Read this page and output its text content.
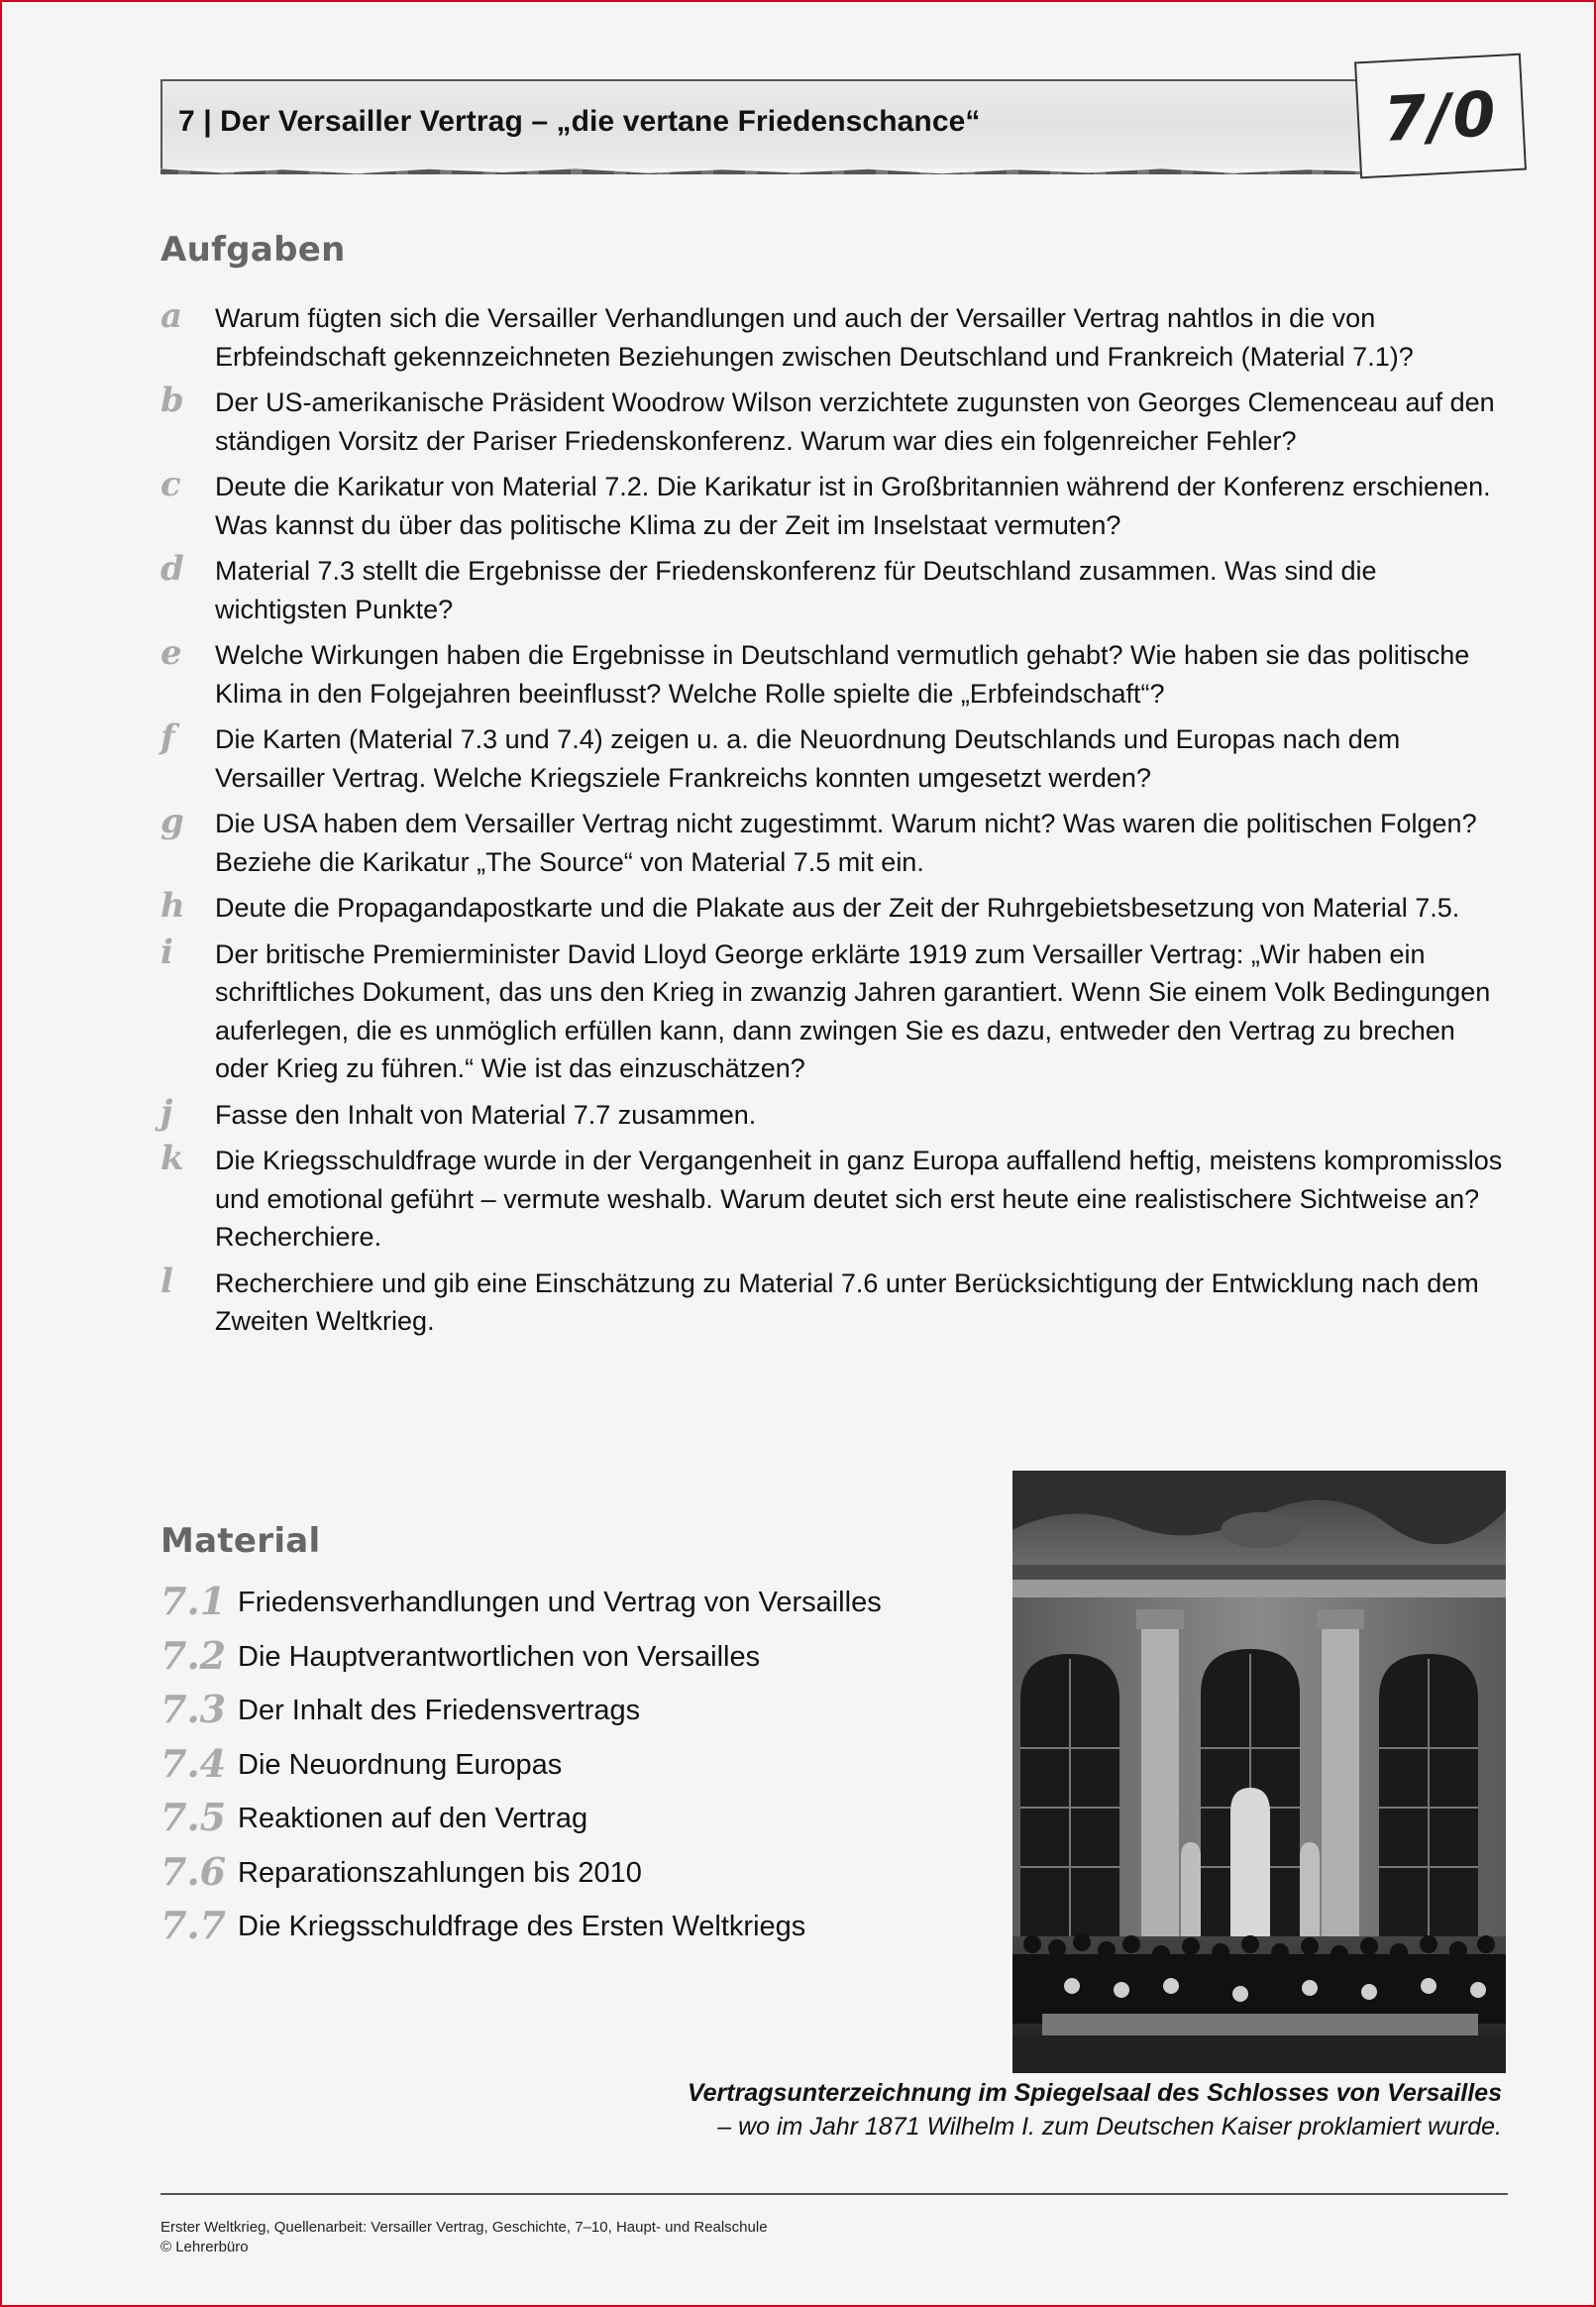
7 | Der Versailler Vertrag – „die vertane Friedenschance“	7/0
Aufgaben
a	Warum fügten sich die Versailler Verhandlungen und auch der Versailler Vertrag nahtlos in die von Erbfeindschaft gekennzeichneten Beziehungen zwischen Deutschland und Frankreich (Material 7.1)?
b	Der US-amerikanische Präsident Woodrow Wilson verzichtete zugunsten von Georges Clemenceau auf den ständigen Vorsitz der Pariser Friedenskonferenz. Warum war dies ein folgenreicher Fehler?
c	Deute die Karikatur von Material 7.2. Die Karikatur ist in Großbritannien während der Konferenz erschienen. Was kannst du über das politische Klima zu der Zeit im Inselstaat vermuten?
d	Material 7.3 stellt die Ergebnisse der Friedenskonferenz für Deutschland zusammen. Was sind die wichtigsten Punkte?
e	Welche Wirkungen haben die Ergebnisse in Deutschland vermutlich gehabt? Wie haben sie das politische Klima in den Folgejahren beeinflusst? Welche Rolle spielte die „Erbfeindschaft“?
f	Die Karten (Material 7.3 und 7.4) zeigen u. a. die Neuordnung Deutschlands und Europas nach dem Versailler Vertrag. Welche Kriegsziele Frankreichs konnten umgesetzt werden?
g	Die USA haben dem Versailler Vertrag nicht zugestimmt. Warum nicht? Was waren die politischen Folgen? Beziehe die Karikatur „The Source“ von Material 7.5 mit ein.
h	Deute die Propagandapostkarte und die Plakate aus der Zeit der Ruhrgebietsbesetzung von Material 7.5.
i	Der britische Premierminister David Lloyd George erklärte 1919 zum Versailler Vertrag: „Wir haben ein schriftliches Dokument, das uns den Krieg in zwanzig Jahren garantiert. Wenn Sie einem Volk Bedingungen auferlegen, die es unmöglich erfüllen kann, dann zwingen Sie es dazu, entweder den Vertrag zu brechen oder Krieg zu führen.“ Wie ist das einzuschätzen?
j	Fasse den Inhalt von Material 7.7 zusammen.
k	Die Kriegsschuldfrage wurde in der Vergangenheit in ganz Europa auffallend heftig, meistens kompromisslos und emotional geführt – vermute weshalb. Warum deutet sich erst heute eine realistischere Sichtweise an? Recherchiere.
l	Recherchiere und gib eine Einschätzung zu Material 7.6 unter Berücksichtigung der Entwicklung nach dem Zweiten Weltkrieg.
Material
7.1 Friedensverhandlungen und Vertrag von Versailles
7.2 Die Hauptverantwortlichen von Versailles
7.3 Der Inhalt des Friedensvertrags
7.4 Die Neuordnung Europas
7.5 Reaktionen auf den Vertrag
7.6 Reparationszahlungen bis 2010
7.7 Die Kriegsschuldfrage des Ersten Weltkriegs
Vertragsunterzeichnung im Spiegelsaal des Schlosses von Versailles
– wo im Jahr 1871 Wilhelm I. zum Deutschen Kaiser proklamiert wurde.
Erster Weltkrieg, Quellenarbeit: Versailler Vertrag, Geschichte, 7–10, Haupt- und Realschule
© Lehrerbüro
